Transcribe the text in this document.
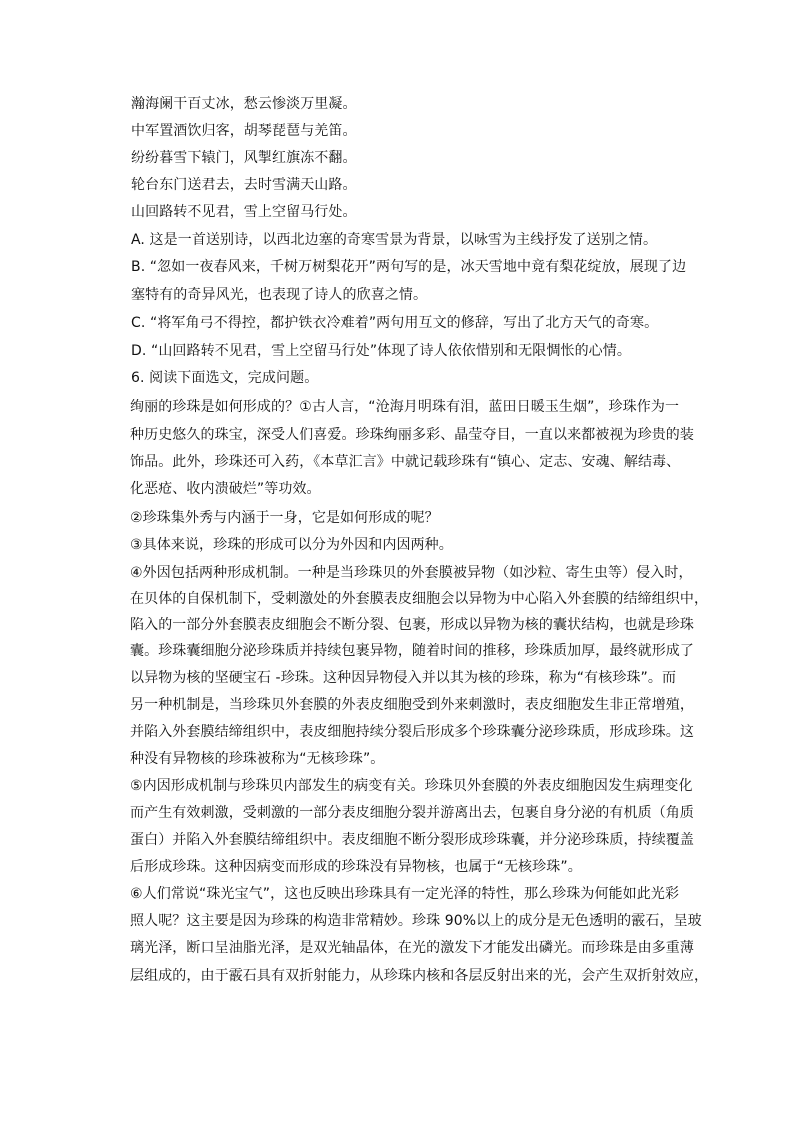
瀚海阑干百丈冰，愁云惨淡万里凝。
中军置酒饮归客，胡琴琵琶与羌笛。
纷纷暮雪下辕门，风掣红旗冻不翻。
轮台东门送君去，去时雪满天山路。
山回路转不见君，雪上空留马行处。
A. 这是一首送别诗，以西北边塞的奇寒雪景为背景，以咏雪为主线抒发了送别之情。
B. “忽如一夜春风来，千树万树梨花开”两句写的是，冰天雪地中竟有梨花绽放，展现了边
塞特有的奇异风光，也表现了诗人的欣喜之情。
C. “将军角弓不得控，都护铁衣冷难着”两句用互文的修辞，写出了北方天气的奇寒。
D. “山回路转不见君，雪上空留马行处”体现了诗人依依惜别和无限惆怅的心情。
6. 阅读下面选文，完成问题。
绚丽的珍珠是如何形成的？①古人言，“沧海月明珠有泪，蓝田日暖玉生烟”，珍珠作为一
种历史悠久的珠宝，深受人们喜爱。珍珠绚丽多彩、晶莹夺目，一直以来都被视为珍贵的装
饰品。此外，珍珠还可入药，《本草汇言》中就记载珍珠有“镇心、定志、安魂、解结毒、
化恶疮、收内溃破烂”等功效。
②珍珠集外秀与内涵于一身，它是如何形成的呢？
③具体来说，珍珠的形成可以分为外因和内因两种。
④外因包括两种形成机制。一种是当珍珠贝的外套膜被异物（如沙粒、寄生虫等）侵入时，
在贝体的自保机制下，受刺激处的外套膜表皮细胞会以异物为中心陷入外套膜的结缔组织中，
陷入的一部分外套膜表皮细胞会不断分裂、包裹，形成以异物为核的囊状结构，也就是珍珠
囊。珍珠囊细胞分泌珍珠质并持续包裹异物，随着时间的推移，珍珠质加厚，最终就形成了
以异物为核的坚硬宝石 -珍珠。这种因异物侵入并以其为核的珍珠，称为“有核珍珠”。而
另一种机制是，当珍珠贝外套膜的外表皮细胞受到外来刺激时，表皮细胞发生非正常增殖，
并陷入外套膜结缔组织中，表皮细胞持续分裂后形成多个珍珠囊分泌珍珠质，形成珍珠。这
种没有异物核的珍珠被称为“无核珍珠”。
⑤内因形成机制与珍珠贝内部发生的病变有关。珍珠贝外套膜的外表皮细胞因发生病理变化
而产生有效刺激，受刺激的一部分表皮细胞分裂并游离出去，包裹自身分泌的有机质（角质
蛋白）并陷入外套膜结缔组织中。表皮细胞不断分裂形成珍珠囊，并分泌珍珠质，持续覆盖
后形成珍珠。这种因病变而形成的珍珠没有异物核，也属于“无核珍珠”。
⑥人们常说“珠光宝气”，这也反映出珍珠具有一定光泽的特性，那么珍珠为何能如此光彩
照人呢？这主要是因为珍珠的构造非常精妙。珍珠 90%以上的成分是无色透明的霰石，呈玻
璃光泽，断口呈油脂光泽，是双光轴晶体，在光的激发下才能发出磷光。而珍珠是由多重薄
层组成的，由于霰石具有双折射能力，从珍珠内核和各层反射出来的光，会产生双折射效应，
